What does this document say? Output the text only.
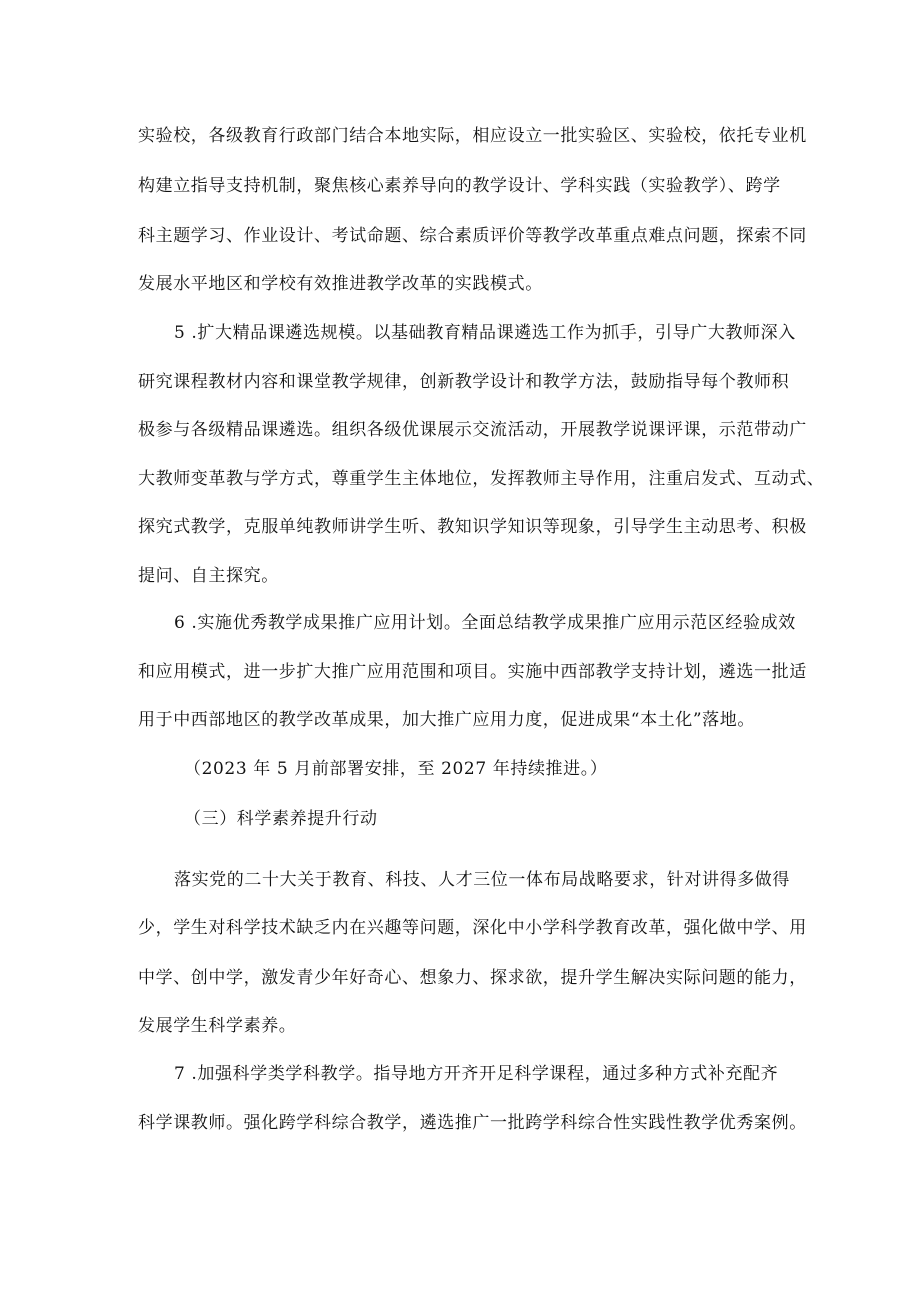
实验校，各级教育行政部门结合本地实际，相应设立一批实验区、实验校，依托专业机
构建立指导支持机制，聚焦核心素养导向的教学设计、学科实践（实验教学）、跨学
科主题学习、作业设计、考试命题、综合素质评价等教学改革重点难点问题，探索不同
发展水平地区和学校有效推进教学改革的实践模式。
5 .扩大精品课遴选规模。以基础教育精品课遴选工作为抓手，引导广大教师深入
研究课程教材内容和课堂教学规律，创新教学设计和教学方法，鼓励指导每个教师积
极参与各级精品课遴选。组织各级优课展示交流活动，开展教学说课评课，示范带动广
大教师变革教与学方式，尊重学生主体地位，发挥教师主导作用，注重启发式、互动式、
探究式教学，克服单纯教师讲学生听、教知识学知识等现象，引导学生主动思考、积极
提问、自主探究。
6 .实施优秀教学成果推广应用计划。全面总结教学成果推广应用示范区经验成效
和应用模式，进一步扩大推广应用范围和项目。实施中西部教学支持计划，遴选一批适
用于中西部地区的教学改革成果，加大推广应用力度，促进成果“本土化”落地。
（2023 年 5 月前部署安排，至 2027 年持续推进。）
（三）科学素养提升行动
落实党的二十大关于教育、科技、人才三位一体布局战略要求，针对讲得多做得
少，学生对科学技术缺乏内在兴趣等问题，深化中小学科学教育改革，强化做中学、用
中学、创中学，激发青少年好奇心、想象力、探求欲，提升学生解决实际问题的能力，
发展学生科学素养。
7 .加强科学类学科教学。指导地方开齐开足科学课程，通过多种方式补充配齐
科学课教师。强化跨学科综合教学，遴选推广一批跨学科综合性实践性教学优秀案例。
